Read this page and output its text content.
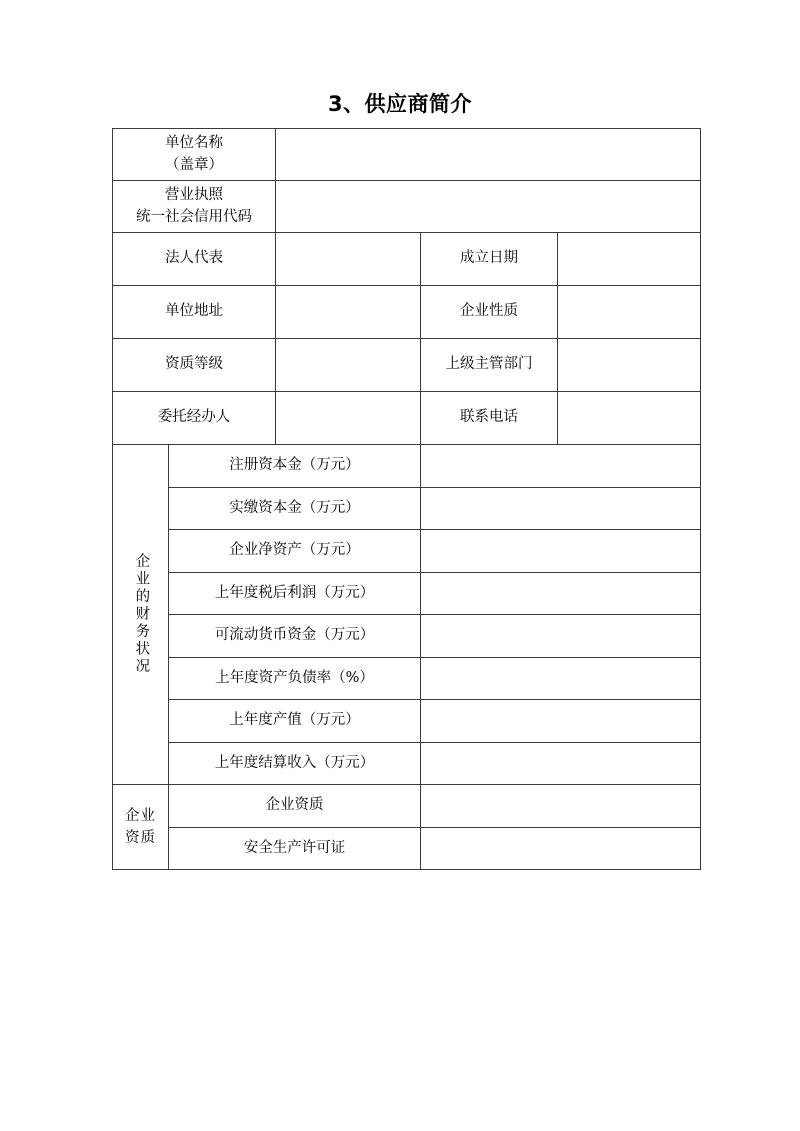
3、供应商简介
单位名称
（盖章）				

营业执照
统一社会信用代码				

法人代表			成立日期	
单位地址			企业性质	
资质等级			上级主管部门	
委托经办人			联系电话	

企业的财务状况	注册资本金（万元）			
	实缴资本金（万元）			
	企业净资产（万元）			
	上年度税后利润（万元）			
	可流动货币资金（万元）			
	上年度资产负债率（%）			
	上年度产值（万元）			
	上年度结算收入（万元）			

企业
资质	企业资质			
	安全生产许可证			
